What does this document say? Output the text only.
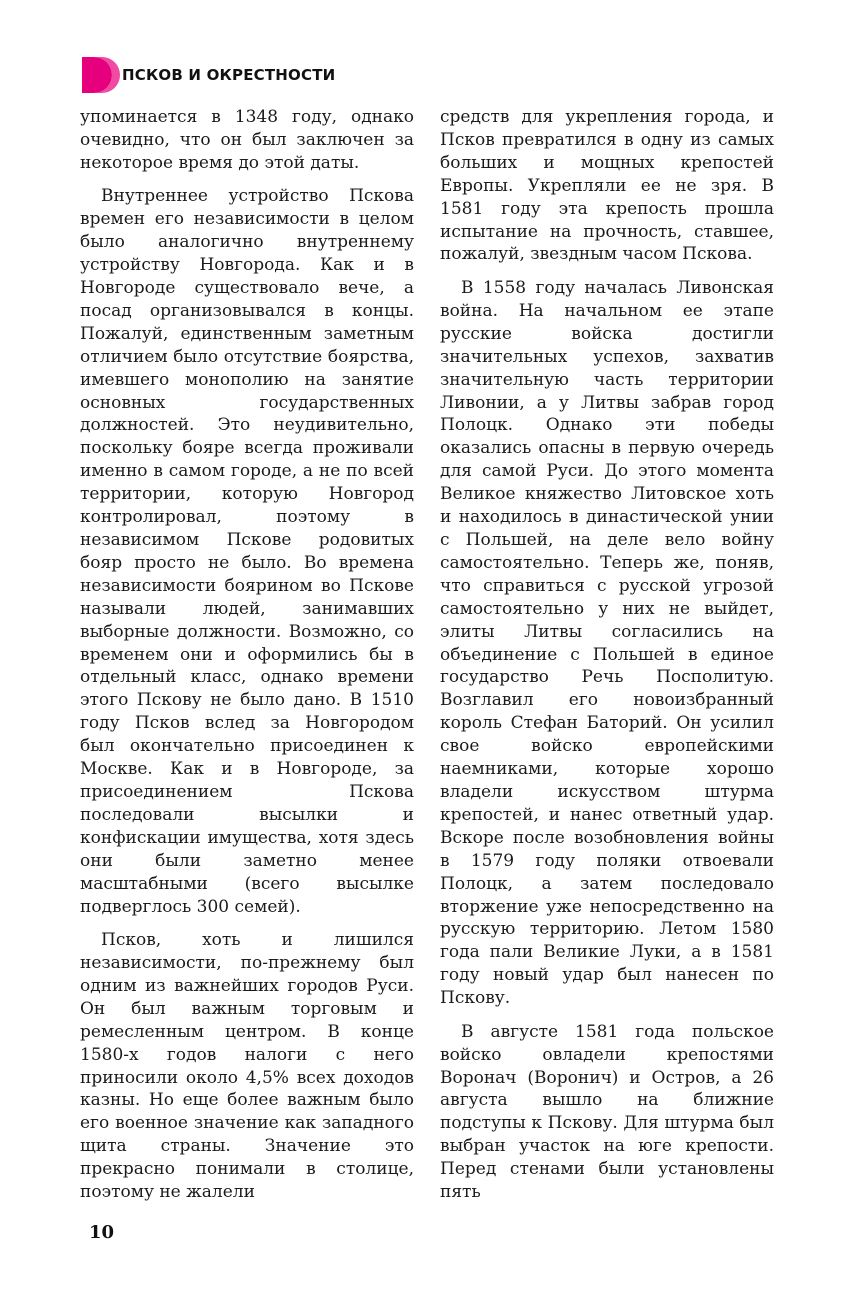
ПСКОВ И ОКРЕСТНОСТИ

упоминается в 1348 году, однако очевидно, что он был заключен за некоторое время до этой даты.

Внутреннее устройство Пскова времен его независимости в целом было аналогично внутреннему устройству Новгорода. Как и в Новгороде существовало вече, а посад организовывался в концы. Пожалуй, единственным заметным отличием было отсутствие боярства, имевшего монополию на занятие основных государственных должностей. Это неудивительно, поскольку бояре всегда проживали именно в самом городе, а не по всей территории, которую Новгород контролировал, поэтому в независимом Пскове родовитых бояр просто не было. Во времена независимости боярином во Пскове называли людей, занимавших выборные должности. Возможно, со временем они и оформились бы в отдельный класс, однако времени этого Пскову не было дано. В 1510 году Псков вслед за Новгородом был окончательно присоединен к Москве. Как и в Новгороде, за присоединением Пскова последовали высылки и конфискации имущества, хотя здесь они были заметно менее масштабными (всего высылке подверглось 300 семей).

Псков, хоть и лишился независимости, по-прежнему был одним из важнейших городов Руси. Он был важным торговым и ремесленным центром. В конце 1580-х годов налоги с него приносили около 4,5% всех доходов казны. Но еще более важным было его военное значение как западного щита страны. Значение это прекрасно понимали в столице, поэтому не жалели

средств для укрепления города, и Псков превратился в одну из самых больших и мощных крепостей Европы. Укрепляли ее не зря. В 1581 году эта крепость прошла испытание на прочность, ставшее, пожалуй, звездным часом Пскова.

В 1558 году началась Ливонская война. На начальном ее этапе русские войска достигли значительных успехов, захватив значительную часть территории Ливонии, а у Литвы забрав город Полоцк. Однако эти победы оказались опасны в первую очередь для самой Руси. До этого момента Великое княжество Литовское хоть и находилось в династической унии с Польшей, на деле вело войну самостоятельно. Теперь же, поняв, что справиться с русской угрозой самостоятельно у них не выйдет, элиты Литвы согласились на объединение с Польшей в единое государство Речь Посполитую. Возглавил его новоизбранный король Стефан Баторий. Он усилил свое войско европейскими наемниками, которые хорошо владели искусством штурма крепостей, и нанес ответный удар. Вскоре после возобновления войны в 1579 году поляки отвоевали Полоцк, а затем последовало вторжение уже непосредственно на русскую территорию. Летом 1580 года пали Великие Луки, а в 1581 году новый удар был нанесен по Пскову.

В августе 1581 года польское войско овладели крепостями Воронач (Воронич) и Остров, а 26 августа вышло на ближние подступы к Пскову. Для штурма был выбран участок на юге крепости. Перед стенами были установлены пять

10
